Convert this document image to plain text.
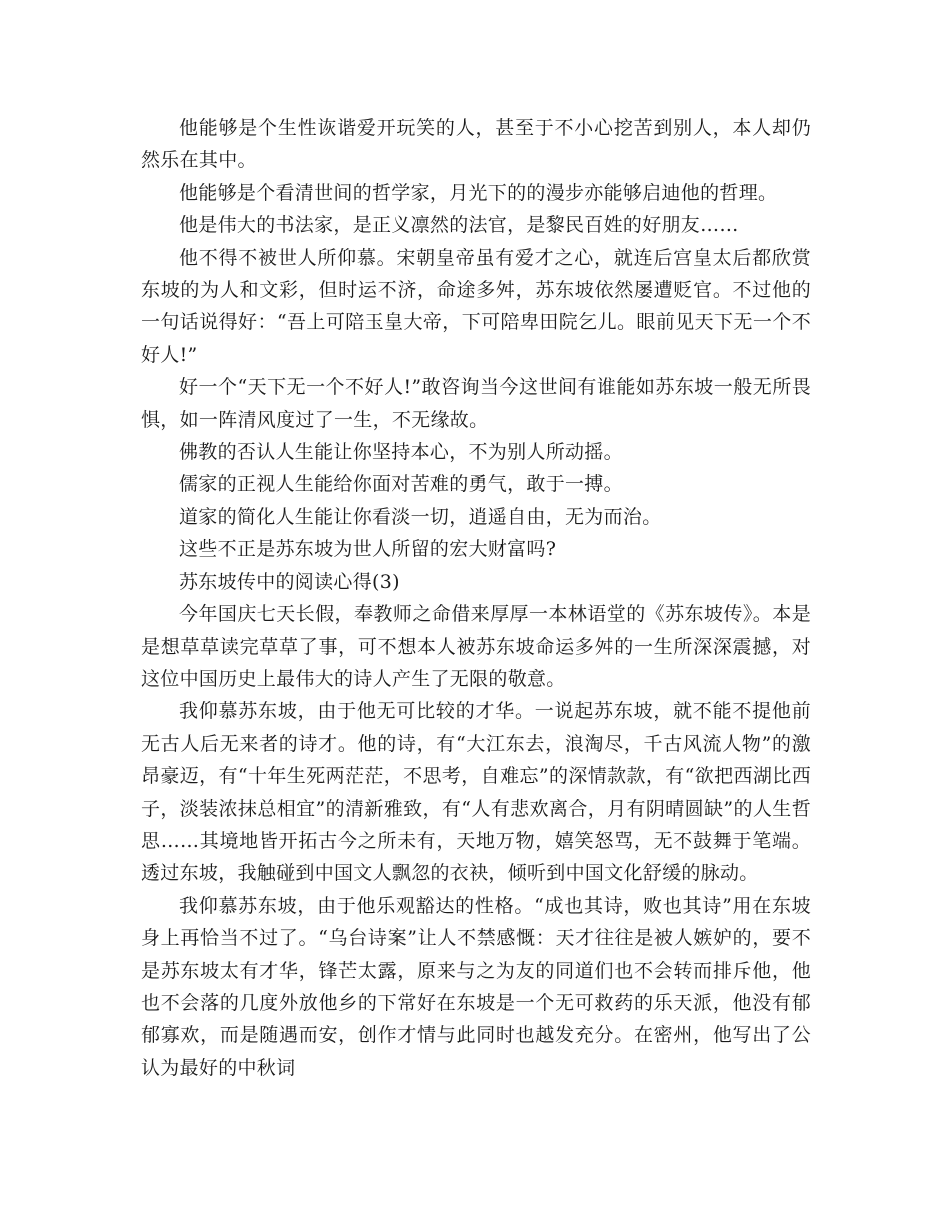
他能够是个生性诙谐爱开玩笑的人，甚至于不小心挖苦到别人，本人却仍然乐在其中。

他能够是个看清世间的哲学家，月光下的的漫步亦能够启迪他的哲理。

他是伟大的书法家，是正义凛然的法官，是黎民百姓的好朋友……

他不得不被世人所仰慕。宋朝皇帝虽有爱才之心，就连后宫皇太后都欣赏东坡的为人和文彩，但时运不济，命途多舛，苏东坡依然屡遭贬官。不过他的一句话说得好：“吾上可陪玉皇大帝，下可陪卑田院乞儿。眼前见天下无一个不好人!”

好一个“天下无一个不好人!”敢咨询当今这世间有谁能如苏东坡一般无所畏惧，如一阵清风度过了一生，不无缘故。

佛教的否认人生能让你坚持本心，不为别人所动摇。

儒家的正视人生能给你面对苦难的勇气，敢于一搏。

道家的简化人生能让你看淡一切，逍遥自由，无为而治。

这些不正是苏东坡为世人所留的宏大财富吗?

苏东坡传中的阅读心得(3)

今年国庆七天长假，奉教师之命借来厚厚一本林语堂的《苏东坡传》。本是是想草草读完草草了事，可不想本人被苏东坡命运多舛的一生所深深震撼，对这位中国历史上最伟大的诗人产生了无限的敬意。

我仰慕苏东坡，由于他无可比较的才华。一说起苏东坡，就不能不提他前无古人后无来者的诗才。他的诗，有“大江东去，浪淘尽，千古风流人物”的激昂豪迈，有“十年生死两茫茫，不思考，自难忘”的深情款款，有“欲把西湖比西子，淡装浓抹总相宜”的清新雅致，有“人有悲欢离合，月有阴晴圆缺”的人生哲思……其境地皆开拓古今之所未有，天地万物，嬉笑怒骂，无不鼓舞于笔端。透过东坡，我触碰到中国文人飘忽的衣袂，倾听到中国文化舒缓的脉动。

我仰慕苏东坡，由于他乐观豁达的性格。“成也其诗，败也其诗”用在东坡身上再恰当不过了。“乌台诗案”让人不禁感慨：天才往往是被人嫉妒的，要不是苏东坡太有才华，锋芒太露，原来与之为友的同道们也不会转而排斥他，他也不会落的几度外放他乡的下常好在东坡是一个无可救药的乐天派，他没有郁郁寡欢，而是随遇而安，创作才情与此同时也越发充分。在密州，他写出了公认为最好的中秋词
